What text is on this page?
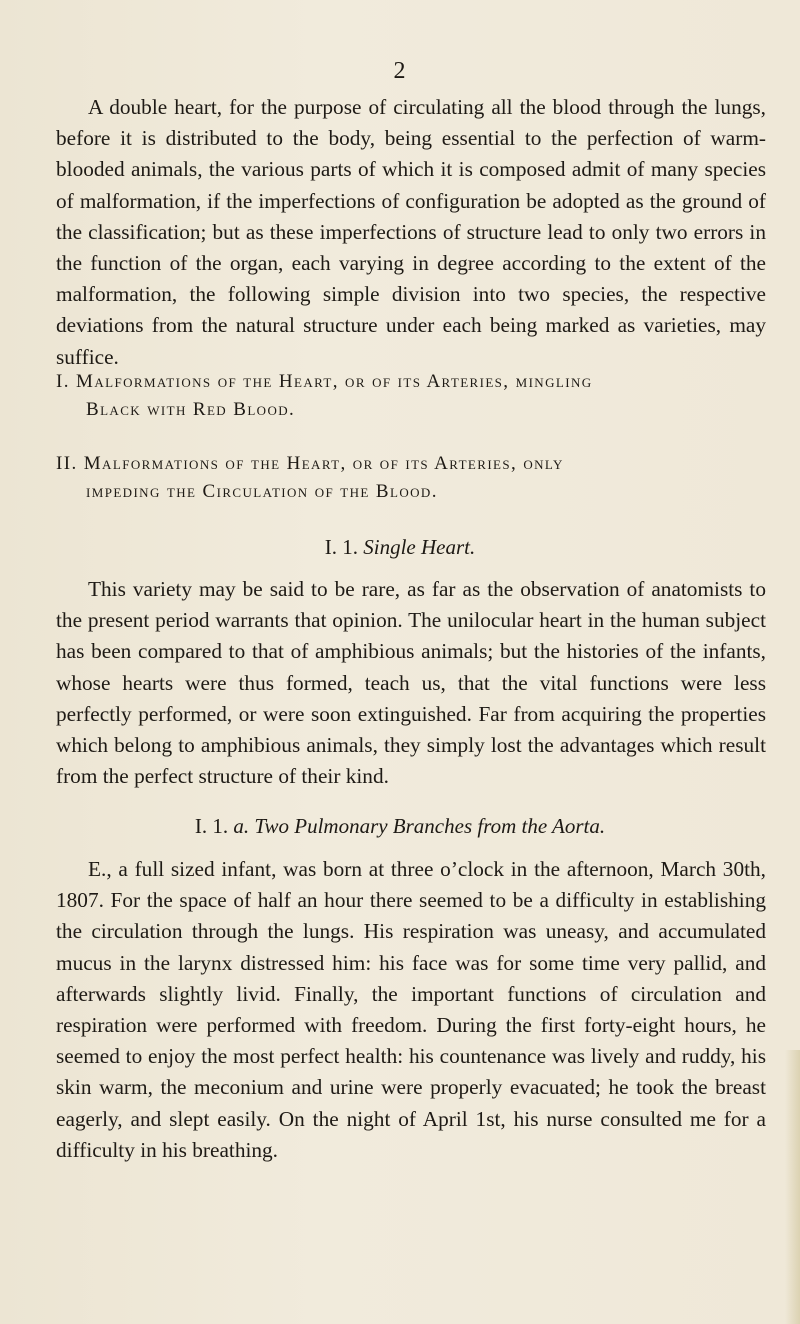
2

A double heart, for the purpose of circulating all the blood through the lungs, before it is distributed to the body, being essential to the perfection of warm-blooded animals, the various parts of which it is composed admit of many species of malformation, if the imperfections of configuration be adopted as the ground of the classification; but as these imperfections of structure lead to only two errors in the function of the organ, each varying in degree according to the extent of the malformation, the following simple division into two species, the respective deviations from the natural structure under each being marked as varieties, may suffice.

I. Malformations of the Heart, or of its Arteries, mingling
Black with Red Blood.
II. Malformations of the Heart, or of its Arteries, only
impeding the Circulation of the Blood.
I. 1. Single Heart.

This variety may be said to be rare, as far as the observation of anatomists to the present period warrants that opinion. The unilocular heart in the human subject has been compared to that of amphibious animals; but the histories of the infants, whose hearts were thus formed, teach us, that the vital functions were less perfectly performed, or were soon extinguished. Far from acquiring the properties which belong to amphibious animals, they simply lost the advantages which result from the perfect structure of their kind.

I. 1. a. Two Pulmonary Branches from the Aorta.

E., a full sized infant, was born at three o’clock in the afternoon, March 30th, 1807. For the space of half an hour there seemed to be a difficulty in establishing the circulation through the lungs. His respiration was uneasy, and accumulated mucus in the larynx distressed him: his face was for some time very pallid, and afterwards slightly livid. Finally, the important functions of circulation and respiration were performed with freedom. During the first forty-eight hours, he seemed to enjoy the most perfect health: his countenance was lively and ruddy, his skin warm, the meconium and urine were properly evacuated; he took the breast eagerly, and slept easily. On the night of April 1st, his nurse consulted me for a difficulty in his breathing.
